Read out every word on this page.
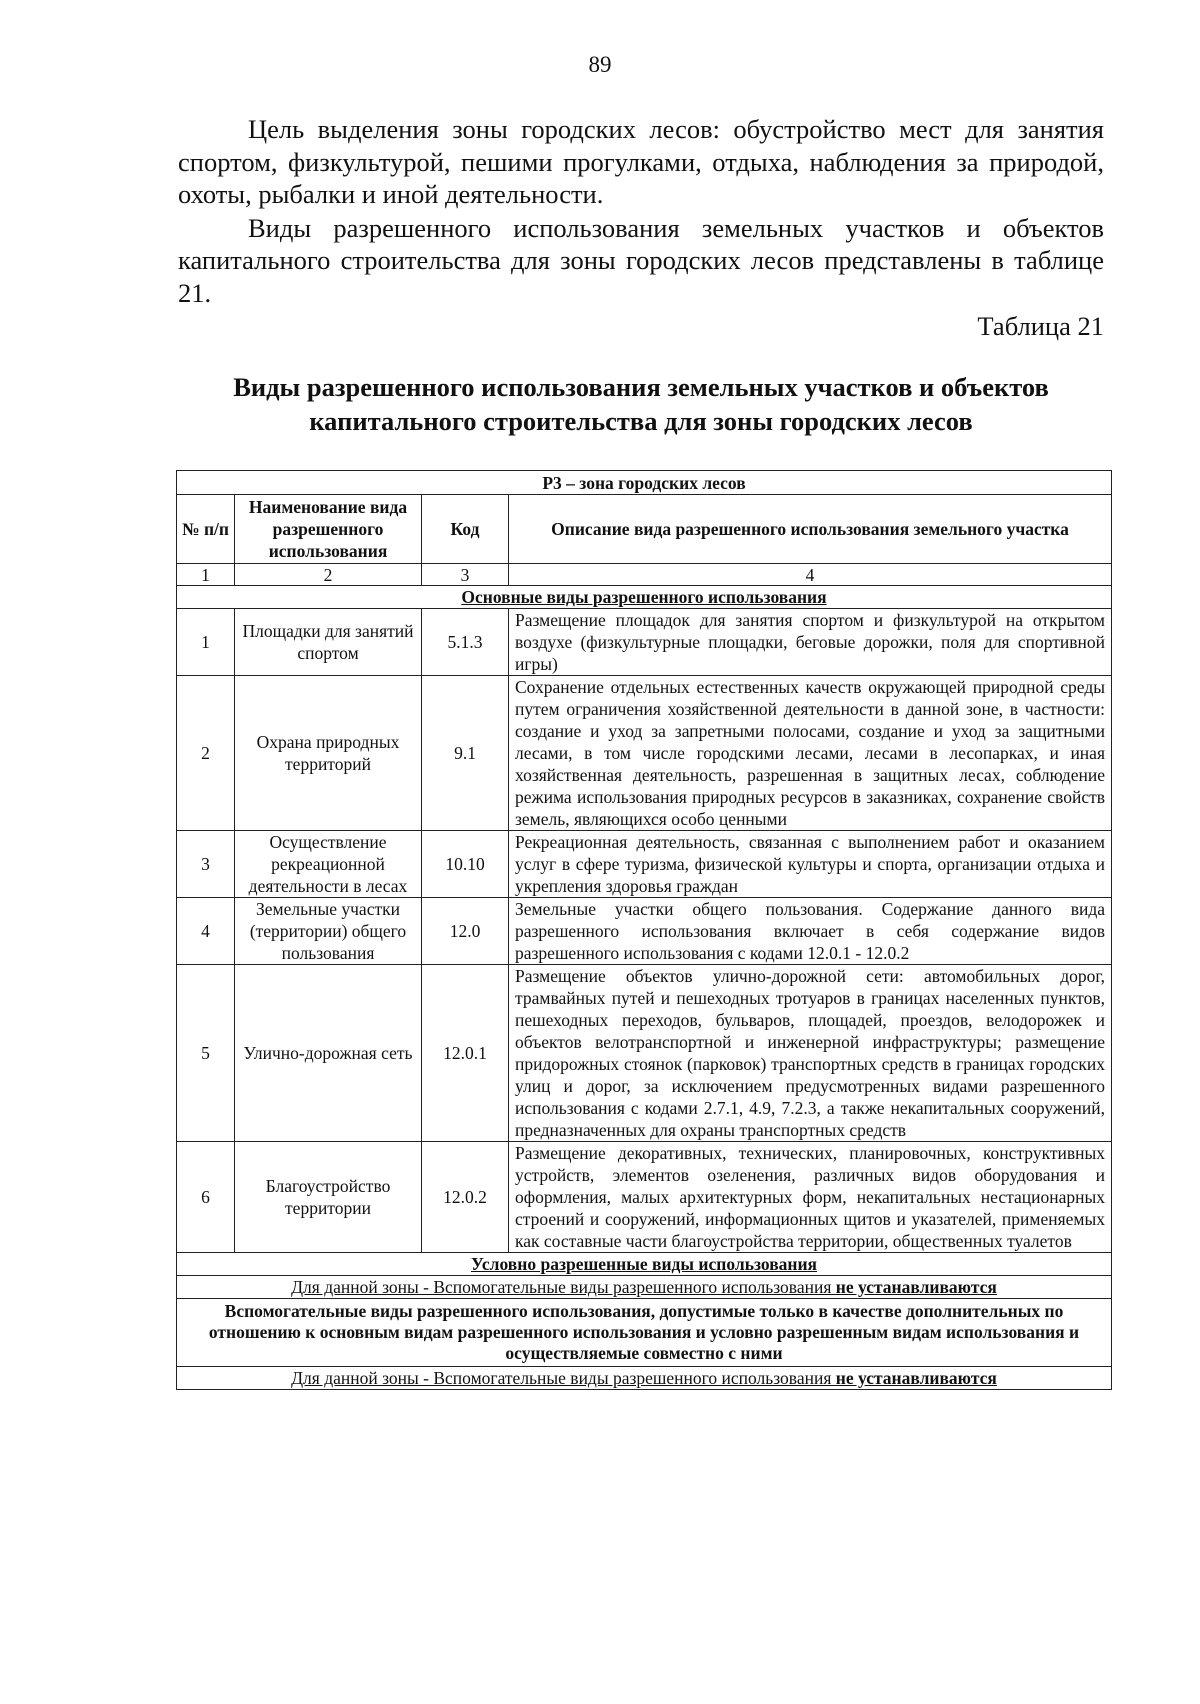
89

Цель выделения зоны городских лесов: обустройство мест для занятия спортом, физкультурой, пешими прогулками, отдыха, наблюдения за природой, охоты, рыбалки и иной деятельности.

Виды разрешенного использования земельных участков и объектов капитального строительства для зоны городских лесов представлены в таблице 21.

Таблица 21
Виды разрешенного использования земельных участков и объектов
капитального строительства для зоны городских лесов
Р3 – зона городских лесов			
№ п/п	Наименование вида разрешенного использования	Код	Описание вида разрешенного использования земельного участка
1	2	3	4
Основные виды разрешенного использования			
1	Площадки для занятий спортом	5.1.3	Размещение площадок для занятия спортом и физкультурой на открытом воздухе (физкультурные площадки, беговые дорожки, поля для спортивной игры)
2	Охрана природных территорий	9.1	Сохранение отдельных естественных качеств окружающей природной среды путем ограничения хозяйственной деятельности в данной зоне, в частности: создание и уход за запретными полосами, создание и уход за защитными лесами, в том числе городскими лесами, лесами в лесопарках, и иная хозяйственная деятельность, разрешенная в защитных лесах, соблюдение режима использования природных ресурсов в заказниках, сохранение свойств земель, являющихся особо ценными
3	Осуществление рекреационной деятельности в лесах	10.10	Рекреационная деятельность, связанная с выполнением работ и оказанием услуг в сфере туризма, физической культуры и спорта, организации отдыха и укрепления здоровья граждан
4	Земельные участки (территории) общего пользования	12.0	Земельные участки общего пользования. Содержание данного вида разрешенного использования включает в себя содержание видов разрешенного использования с кодами 12.0.1 - 12.0.2
5	Улично-дорожная сеть	12.0.1	Размещение объектов улично-дорожной сети: автомобильных дорог, трамвайных путей и пешеходных тротуаров в границах населенных пунктов, пешеходных переходов, бульваров, площадей, проездов, велодорожек и объектов велотранспортной и инженерной инфраструктуры; размещение придорожных стоянок (парковок) транспортных средств в границах городских улиц и дорог, за исключением предусмотренных видами разрешенного использования с кодами 2.7.1, 4.9, 7.2.3, а также некапитальных сооружений, предназначенных для охраны транспортных средств
6	Благоустройство территории	12.0.2	Размещение декоративных, технических, планировочных, конструктивных устройств, элементов озеленения, различных видов оборудования и оформления, малых архитектурных форм, некапитальных нестационарных строений и сооружений, информационных щитов и указателей, применяемых как составные части благоустройства территории, общественных туалетов
Условно разрешенные виды использования			
Для данной зоны - Вспомогательные виды разрешенного использования не устанавливаются			
Вспомогательные виды разрешенного использования, допустимые только в качестве дополнительных по отношению к основным видам разрешенного использования и условно разрешенным видам использования и осуществляемые совместно с ними			
Для данной зоны - Вспомогательные виды разрешенного использования не устанавливаются			
